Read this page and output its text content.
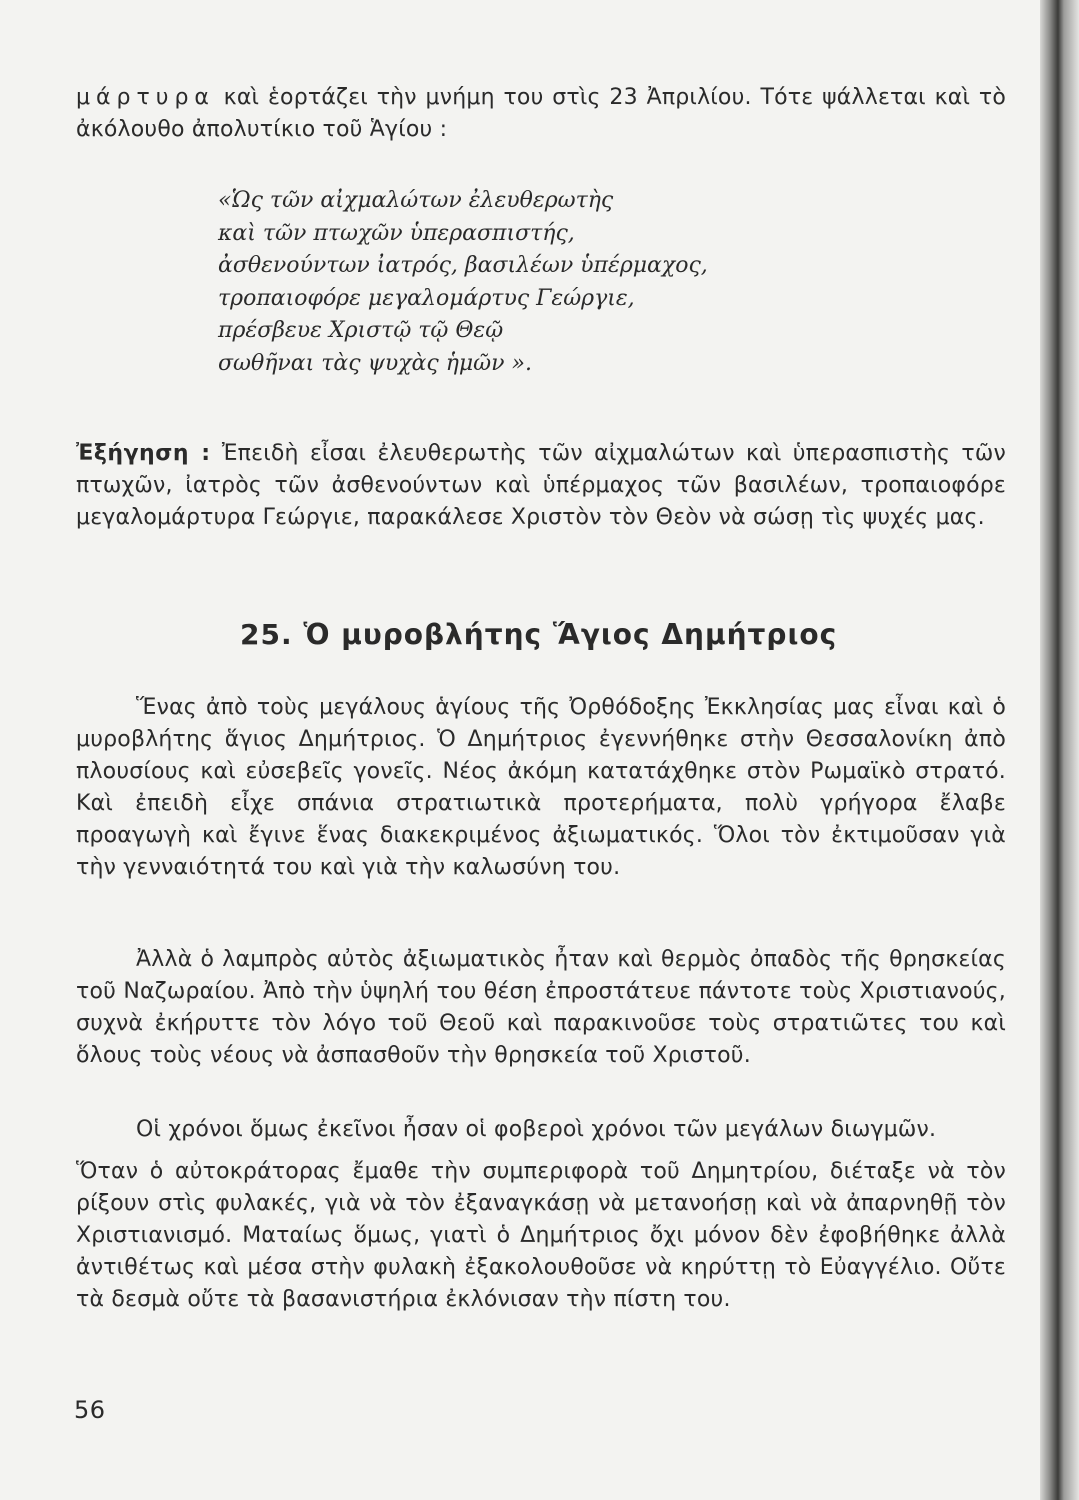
μάρτυρα καὶ ἑορτάζει τὴν μνήμη του στὶς 23 Ἀπριλίου. Τότε ψάλλεται καὶ τὸ ἀκόλουθο ἀπολυτίκιο τοῦ Ἁγίου :

«Ὡς τῶν αἰχμαλώτων ἐλευθερωτὴς
καὶ τῶν πτωχῶν ὑπερασπιστής,
ἀσθενούντων ἰατρός, βασιλέων ὑπέρμαχος,
τροπαιοφόρε μεγαλομάρτυς Γεώργιε,
πρέσβευε Χριστῷ τῷ Θεῷ
σωθῆναι τὰς ψυχὰς ἡμῶν ».

Ἐξήγηση : Ἐπειδὴ εἶσαι ἐλευθερωτὴς τῶν αἰχμαλώτων καὶ ὑπερασπιστὴς τῶν πτωχῶν, ἰατρὸς τῶν ἀσθενούντων καὶ ὑπέρμαχος τῶν βασιλέων, τροπαιοφόρε μεγαλομάρτυρα Γεώργιε, παρακάλεσε Χριστὸν τὸν Θεὸν νὰ σώσῃ τὶς ψυχές μας.

25. Ὁ μυροβλήτης Ἅγιος Δημήτριος

Ἕνας ἀπὸ τοὺς μεγάλους ἁγίους τῆς Ὀρθόδοξης Ἐκκλησίας μας εἶναι καὶ ὁ μυροβλήτης ἅγιος Δημήτριος. Ὁ Δημήτριος ἐγεννήθηκε στὴν Θεσσαλονίκη ἀπὸ πλουσίους καὶ εὐσεβεῖς γονεῖς. Νέος ἀκόμη κατατάχθηκε στὸν Ρωμαϊκὸ στρατό. Καὶ ἐπειδὴ εἶχε σπάνια στρατιωτικὰ προτερήματα, πολὺ γρήγορα ἔλαβε προαγωγὴ καὶ ἔγινε ἕνας διακεκριμένος ἀξιωματικός. Ὅλοι τὸν ἐκτιμοῦσαν γιὰ τὴν γενναιότητά του καὶ γιὰ τὴν καλωσύνη του.

Ἀλλὰ ὁ λαμπρὸς αὐτὸς ἀξιωματικὸς ἦταν καὶ θερμὸς ὀπαδὸς τῆς θρησκείας τοῦ Ναζωραίου. Ἀπὸ τὴν ὑψηλή του θέση ἐπροστάτευε πάντοτε τοὺς Χριστιανούς, συχνὰ ἐκήρυττε τὸν λόγο τοῦ Θεοῦ καὶ παρακινοῦσε τοὺς στρατιῶτες του καὶ ὅλους τοὺς νέους νὰ ἀσπασθοῦν τὴν θρησκεία τοῦ Χριστοῦ.

Οἱ χρόνοι ὅμως ἐκεῖνοι ἦσαν οἱ φοβεροὶ χρόνοι τῶν μεγάλων διωγμῶν.

Ὅταν ὁ αὐτοκράτορας ἔμαθε τὴν συμπεριφορὰ τοῦ Δημητρίου, διέταξε νὰ τὸν ρίξουν στὶς φυλακές, γιὰ νὰ τὸν ἐξαναγκάσῃ νὰ μετανοήσῃ καὶ νὰ ἀπαρνηθῇ τὸν Χριστιανισμό. Ματαίως ὅμως, γιατὶ ὁ Δημήτριος ὄχι μόνον δὲν ἐφοβήθηκε ἀλλὰ ἀντιθέτως καὶ μέσα στὴν φυλακὴ ἐξακολουθοῦσε νὰ κηρύττῃ τὸ Εὐαγγέλιο. Οὔτε τὰ δεσμὰ οὔτε τὰ βασανιστήρια ἐκλόνισαν τὴν πίστη του.

56
